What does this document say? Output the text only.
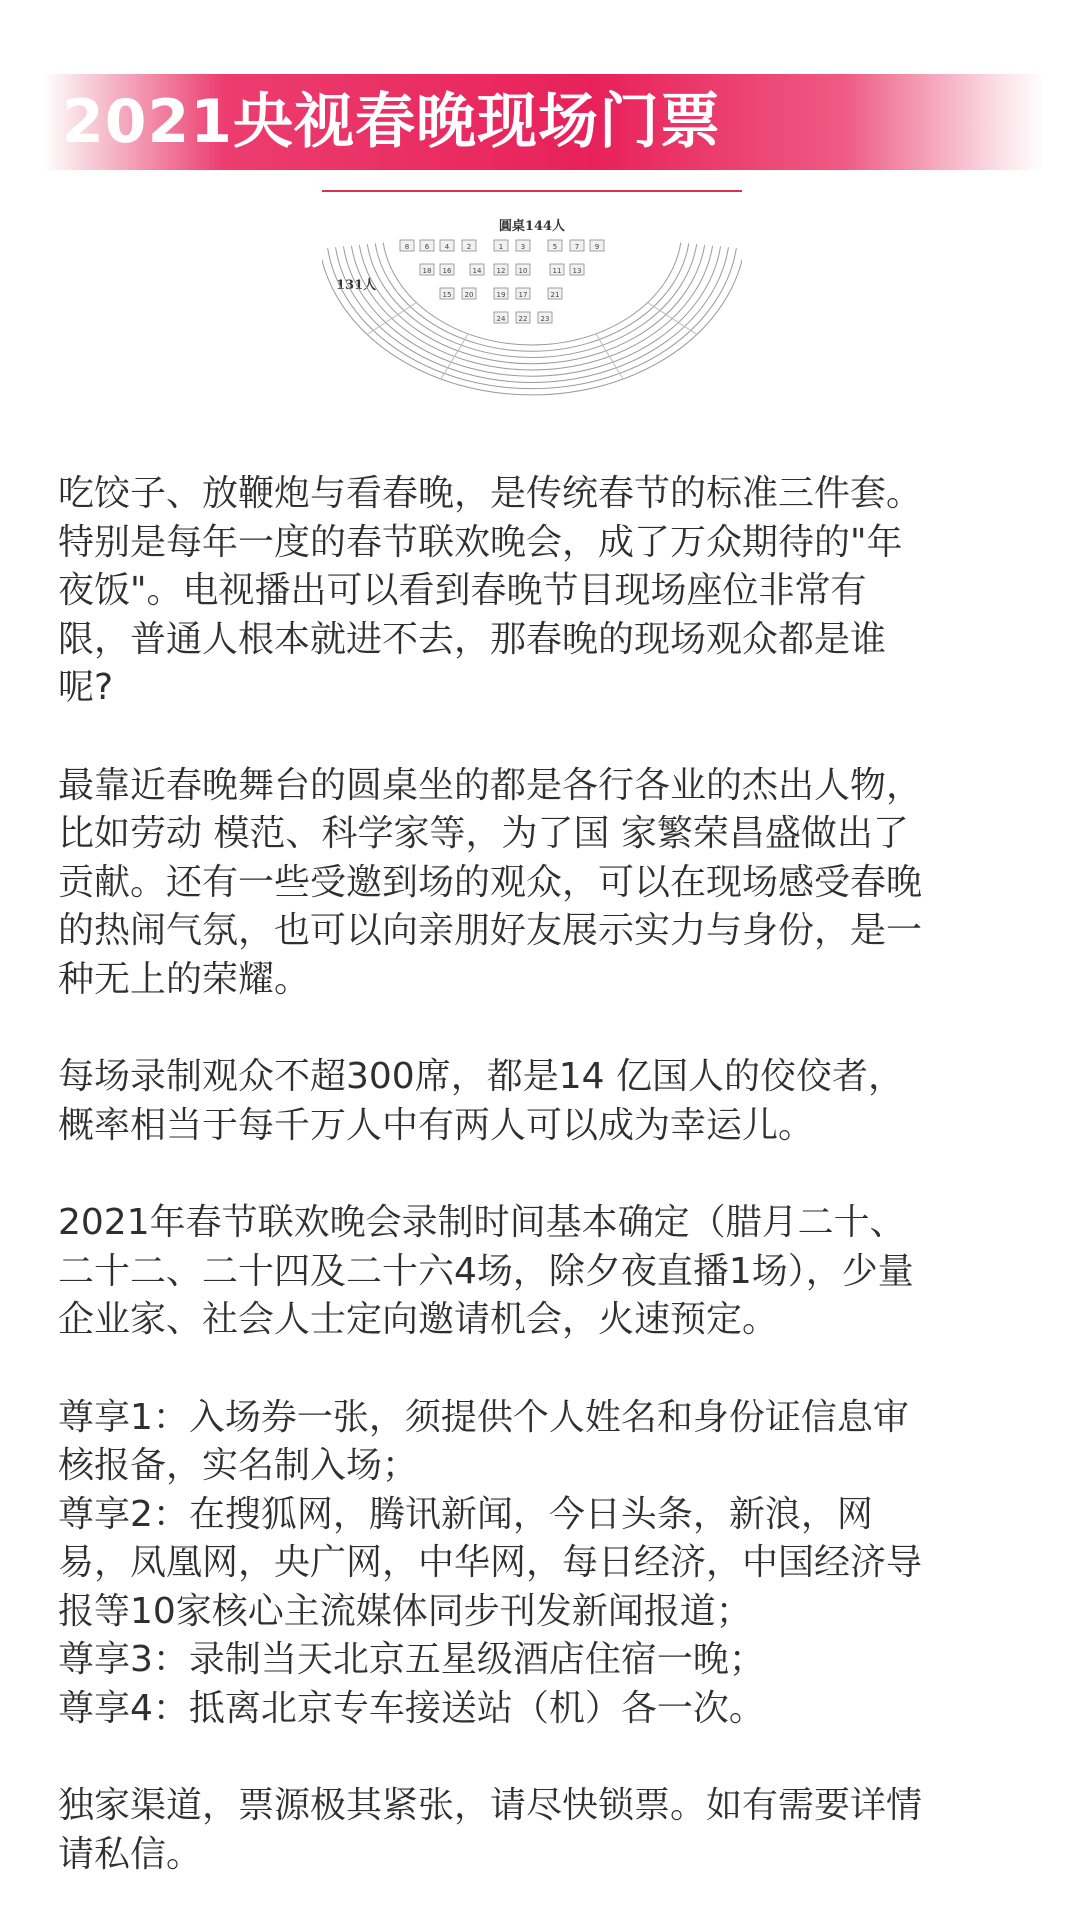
2021央视春晚现场门票
圓桌144人
131人
8 6 4	2	1	3	5	7 9
18 16	14 12 10	11 13
15 20	19 17	21
24 22 23

吃饺子、放鞭炮与看春晚，是传统春节的标准三件套。
特别是每年一度的春节联欢晚会，成了万众期待的"年
夜饭"。电视播出可以看到春晚节目现场座位非常有
限，普通人根本就进不去，那春晚的现场观众都是谁
呢?

最靠近春晚舞台的圆桌坐的都是各行各业的杰出人物，
比如劳动 模范、科学家等，为了国 家繁荣昌盛做出了
贡献。还有一些受邀到场的观众，可以在现场感受春晚
的热闹气氛，也可以向亲朋好友展示实力与身份，是一
种无上的荣耀。

每场录制观众不超300席，都是14 亿国人的佼佼者，
概率相当于每千万人中有两人可以成为幸运儿。

2021年春节联欢晚会录制时间基本确定（腊月二十、
二十二、二十四及二十六4场，除夕夜直播1场），少量
企业家、社会人士定向邀请机会，火速预定。

尊享1：入场券一张，须提供个人姓名和身份证信息审
核报备，实名制入场；
尊享2：在搜狐网，腾讯新闻，今日头条，新浪，网
易，凤凰网，央广网，中华网，每日经济，中国经济导
报等10家核心主流媒体同步刊发新闻报道；
尊享3：录制当天北京五星级酒店住宿一晚；
尊享4：抵离北京专车接送站（机）各一次。

独家渠道，票源极其紧张，请尽快锁票。如有需要详情
请私信。
